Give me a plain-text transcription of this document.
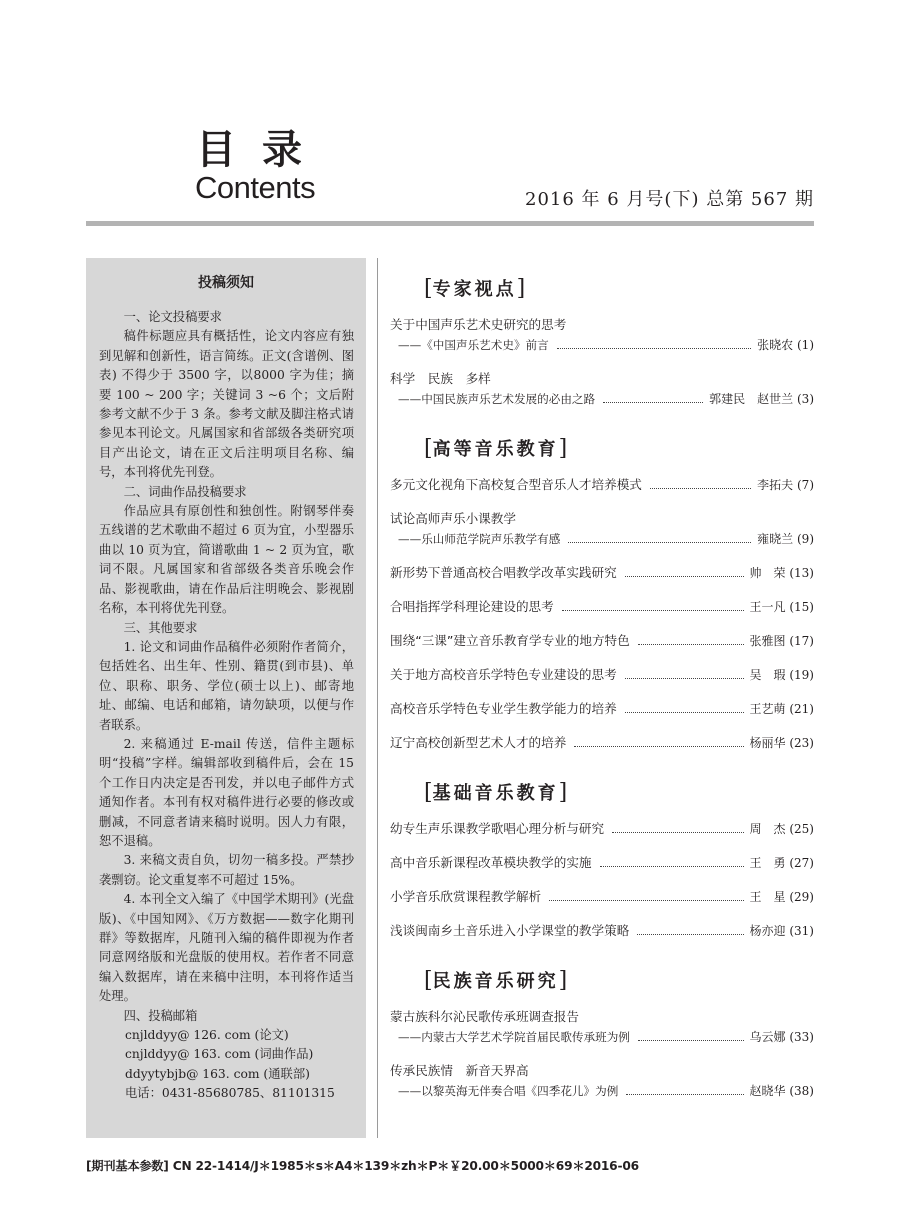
目录
Contents	2016 年 6 月号(下) 总第 567 期
投稿须知

一、论文投稿要求

稿件标题应具有概括性，论文内容应有独到见解和创新性，语言简练。正文(含谱例、图表) 不得少于 3500 字，以8000 字为佳；摘要 100 ~ 200 字；关键词 3 ~6 个；文后附参考文献不少于 3 条。参考文献及脚注格式请参见本刊论文。凡属国家和省部级各类研究项目产出论文，请在正文后注明项目名称、编号，本刊将优先刊登。

二、词曲作品投稿要求

作品应具有原创性和独创性。附钢琴伴奏五线谱的艺术歌曲不超过 6 页为宜，小型器乐曲以 10 页为宜，简谱歌曲 1 ~ 2 页为宜，歌词不限。凡属国家和省部级各类音乐晚会作品、影视歌曲，请在作品后注明晚会、影视剧名称，本刊将优先刊登。

三、其他要求

1. 论文和词曲作品稿件必须附作者简介，包括姓名、出生年、性别、籍贯(到市县)、单位、职称、职务、学位(硕士以上)、邮寄地址、邮编、电话和邮箱，请勿缺项，以便与作者联系。

2. 来稿通过 E-mail 传送，信件主题标明“投稿”字样。编辑部收到稿件后，会在 15 个工作日内决定是否刊发，并以电子邮件方式通知作者。本刊有权对稿件进行必要的修改或删减，不同意者请来稿时说明。因人力有限，恕不退稿。

3. 来稿文责自负，切勿一稿多投。严禁抄袭剽窃。论文重复率不可超过 15%。

4. 本刊全文入编了《中国学术期刊》(光盘版)、《中国知网》、《万方数据——数字化期刊群》等数据库，凡随刊入编的稿件即视为作者同意网络版和光盘版的使用权。若作者不同意编入数据库，请在来稿中注明，本刊将作适当处理。

四、投稿邮箱

cnjlddyy@ 126. com (论文)

cnjlddyy@ 163. com (词曲作品)

ddyytybjb@ 163. com (通联部)

电话：0431-85680785、81101315

[ 专家视点 ]
关于中国声乐艺术史研究的思考
——《中国声乐艺术史》前言	张晓农 (1)
科学　民族　多样
——中国民族声乐艺术发展的必由之路	郭建民　赵世兰 (3)
[ 高等音乐教育 ]
多元文化视角下高校复合型音乐人才培养模式	李拓夫 (7)
试论高师声乐小课教学
——乐山师范学院声乐教学有感	雍晓兰 (9)
新形势下普通高校合唱教学改革实践研究	帅　荣 (13)
合唱指挥学科理论建设的思考	王一凡 (15)
围绕“三课”建立音乐教育学专业的地方特色	张雅图 (17)
关于地方高校音乐学特色专业建设的思考	吴　瑕 (19)
高校音乐学特色专业学生教学能力的培养	王艺萌 (21)
辽宁高校创新型艺术人才的培养	杨丽华 (23)
[ 基础音乐教育 ]
幼专生声乐课教学歌唱心理分析与研究	周　杰 (25)
高中音乐新课程改革模块教学的实施	王　勇 (27)
小学音乐欣赏课程教学解析	王　星 (29)
浅谈闽南乡土音乐进入小学课堂的教学策略	杨亦迎 (31)
[ 民族音乐研究 ]
蒙古族科尔沁民歌传承班调查报告
——内蒙古大学艺术学院首届民歌传承班为例	乌云娜 (33)
传承民族情　新音天界高
——以黎英海无伴奏合唱《四季花儿》为例	赵晓华 (38)
[期刊基本参数] CN 22-1414/J＊1985＊s＊A4＊139＊zh＊P＊￥20.00＊5000＊69＊2016-06
